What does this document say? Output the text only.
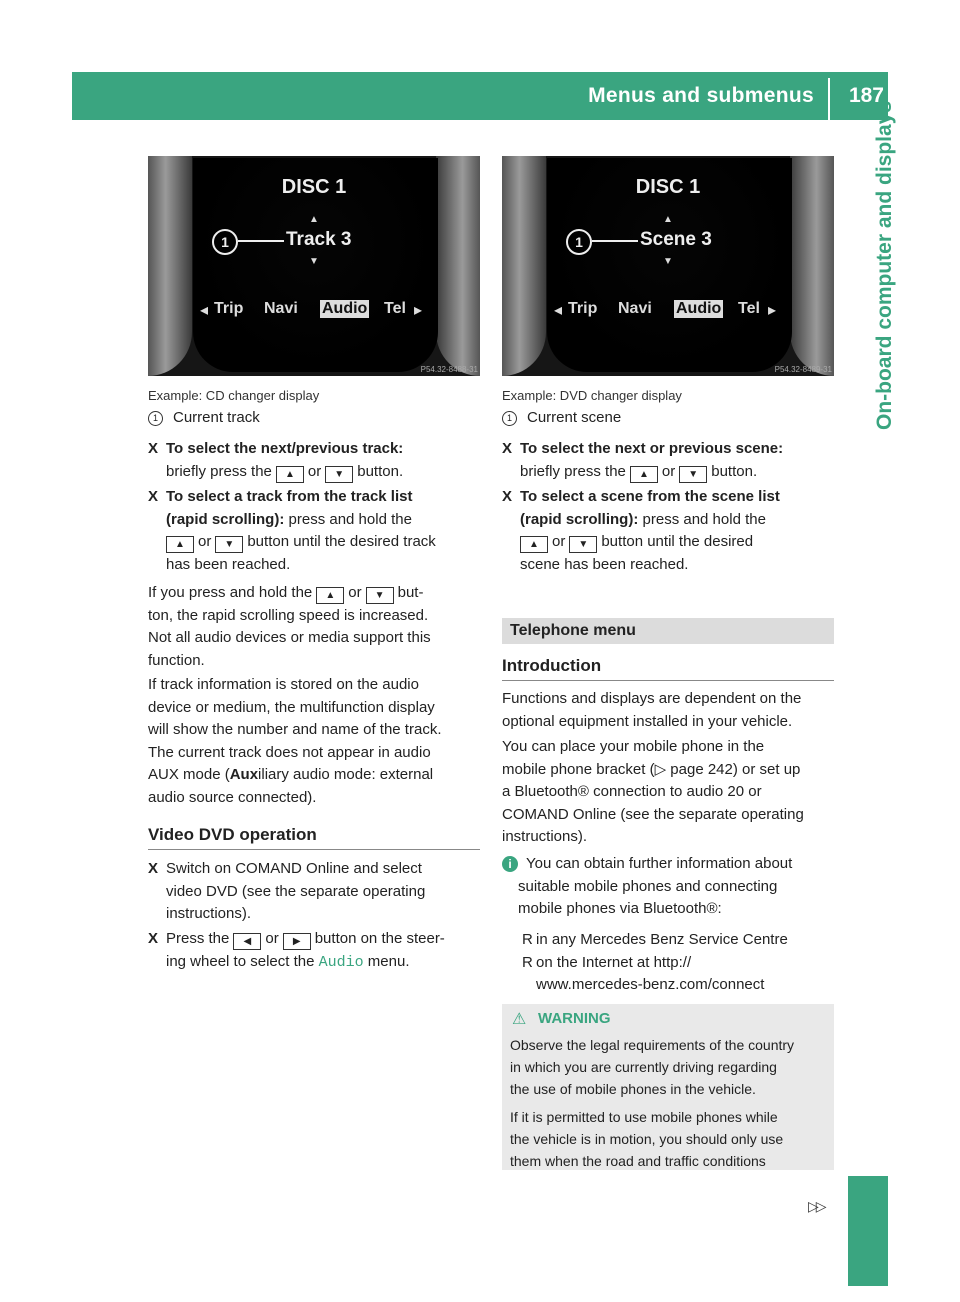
Menus and submenus 187
On-board computer and displays
DISC 1
▲
1	Track 3
▼
◂ Trip Navi Audio Tel ▸
P54.32-8488-31
Example: CD changer display
1 Current track
X To select the next/previous track:
briefly press the ▲ or ▼ button.
X To select a track from the track list
(rapid scrolling): press and hold the
▲ or ▼ button until the desired track
has been reached.
If you press and hold the ▲ or ▼ but-
ton, the rapid scrolling speed is increased.
Not all audio devices or media support this
function.
If track information is stored on the audio
device or medium, the multifunction display
will show the number and name of the track.
The current track does not appear in audio
AUX mode (Auxiliary audio mode: external
audio source connected).
Video DVD operation
X Switch on COMAND Online and select
video DVD (see the separate operating
instructions).
X Press the ◀ or ▶ button on the steer-
ing wheel to select the Audio menu.
DISC 1
▲
1	Scene 3
▼
◂ Trip Navi Audio Tel ▸
P54.32-8489-31
Example: DVD changer display
1 Current scene
X To select the next or previous scene:
briefly press the ▲ or ▼ button.
X To select a scene from the scene list
(rapid scrolling): press and hold the
▲ or ▼ button until the desired
scene has been reached.
Telephone menu
Introduction
Functions and displays are dependent on the
optional equipment installed in your vehicle.
You can place your mobile phone in the
mobile phone bracket (▷ page 242) or set up
a Bluetooth® connection to audio 20 or
COMAND Online (see the separate operating
instructions).
i You can obtain further information about

suitable mobile phones and connecting
mobile phones via Bluetooth®:
R in any Mercedes Benz Service Centre
R on the Internet at http://
www.mercedes-benz.com/connect
⚠ WARNING
Observe the legal requirements of the country
in which you are currently driving regarding
the use of mobile phones in the vehicle.

If it is permitted to use mobile phones while
the vehicle is in motion, you should only use
them when the road and traffic conditions
▷▷
